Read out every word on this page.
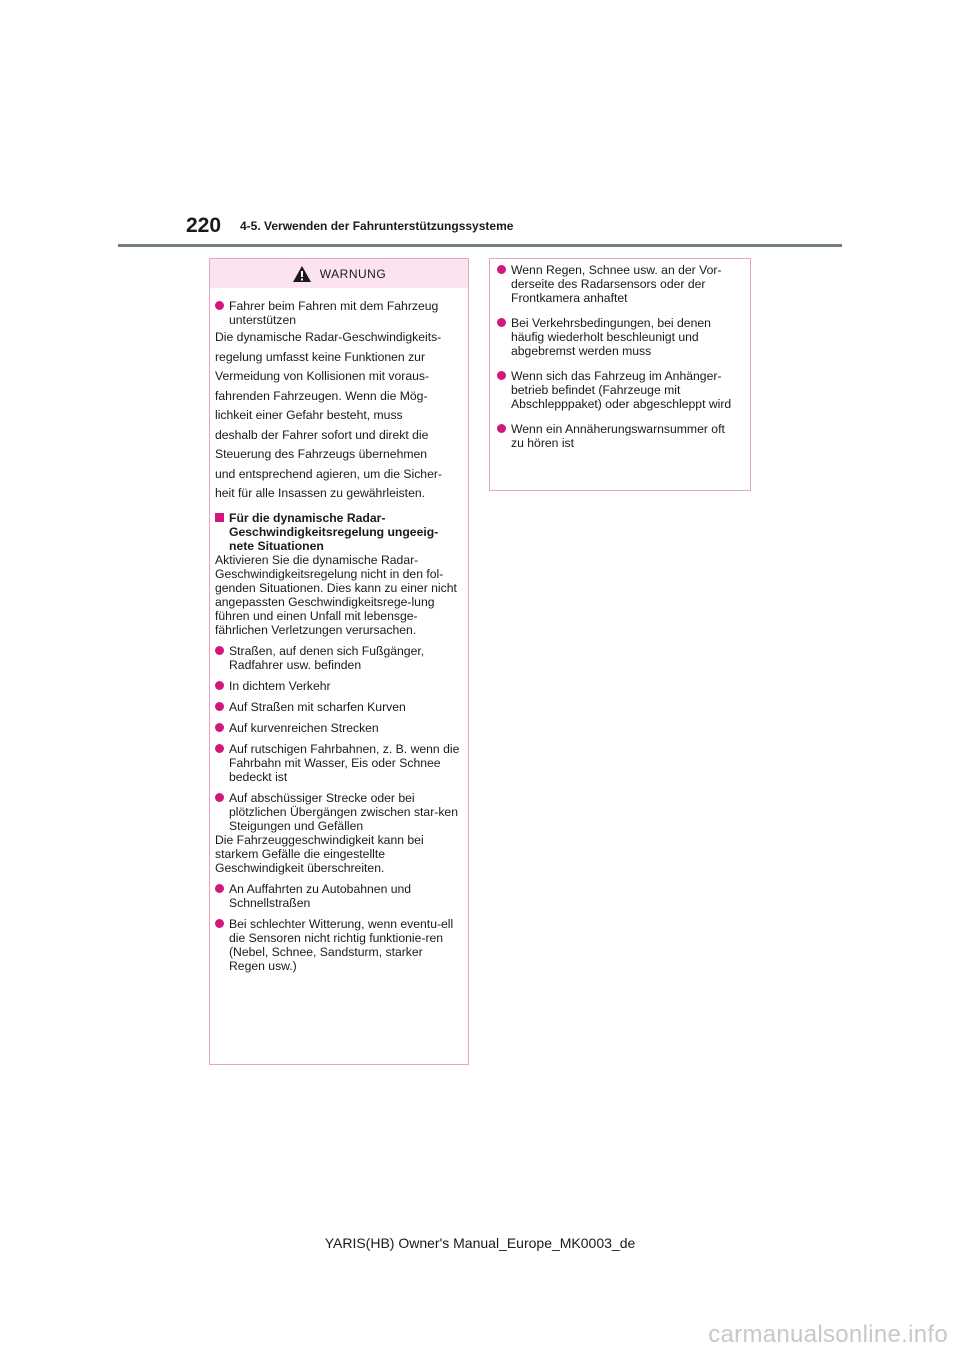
220 4-5. Verwenden der Fahrunterstützungssysteme
WARNUNG
Fahrer beim Fahren mit dem Fahrzeug unterstützen

Die dynamische Radar-Geschwindigkeits-

regelung umfasst keine Funktionen zur

Vermeidung von Kollisionen mit voraus-

fahrenden Fahrzeugen. Wenn die Mög-

lichkeit einer Gefahr besteht, muss

deshalb der Fahrer sofort und direkt die

Steuerung des Fahrzeugs übernehmen

und entsprechend agieren, um die Sicher-

heit für alle Insassen zu gewährleisten.

Für die dynamische Radar-Geschwindigkeitsregelung ungeeig-nete Situationen

Aktivieren Sie die dynamische Radar-Geschwindigkeitsregelung nicht in den fol-genden Situationen. Dies kann zu einer nicht angepassten Geschwindigkeitsrege-lung führen und einen Unfall mit lebensge-fährlichen Verletzungen verursachen.

Straßen, auf denen sich Fußgänger, Radfahrer usw. befinden
In dichtem Verkehr
Auf Straßen mit scharfen Kurven
Auf kurvenreichen Strecken
Auf rutschigen Fahrbahnen, z. B. wenn die Fahrbahn mit Wasser, Eis oder Schnee bedeckt ist
Auf abschüssiger Strecke oder bei plötzlichen Übergängen zwischen star-ken Steigungen und Gefällen

Die Fahrzeuggeschwindigkeit kann bei starkem Gefälle die eingestellte Geschwindigkeit überschreiten.

An Auffahrten zu Autobahnen und Schnellstraßen
Bei schlechter Witterung, wenn eventu-ell die Sensoren nicht richtig funktionie-ren (Nebel, Schnee, Sandsturm, starker Regen usw.)
Wenn Regen, Schnee usw. an der Vor-derseite des Radarsensors oder der Frontkamera anhaftet
Bei Verkehrsbedingungen, bei denen häufig wiederholt beschleunigt und abgebremst werden muss
Wenn sich das Fahrzeug im Anhänger-betrieb befindet (Fahrzeuge mit Abschlepppaket) oder abgeschleppt wird
Wenn ein Annäherungswarnsummer oft zu hören ist
YARIS(HB) Owner's Manual_Europe_MK0003_de
carmanualsonline.info
